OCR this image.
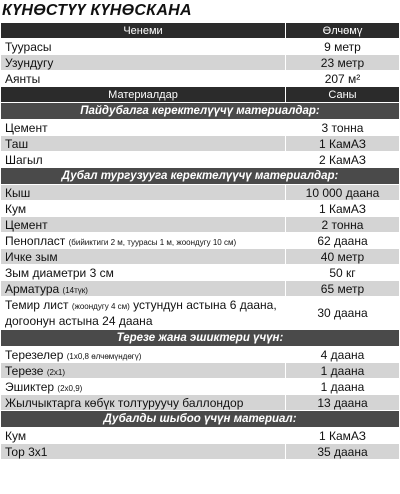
КҮНӨСТҮҮ КҮНӨСКАНА
Ченеми	Өлчөмү
Туурасы	9 метр
Узундугу	23 метр
Аянты	207 м²
Материалдар	Саны
Пайдубалга керектелүүчү материалдар:	
Цемент	3 тонна
Таш	1 КамАЗ
Шагыл	2 КамАЗ
Дубал тургузууга керектелүүчү материалдар:	
Кыш	10 000 даана
Кум	1 КамАЗ
Цемент	2 тонна
Пенопласт (бийиктиги 2 м, туурасы 1 м, жоондугу 10 см)	62 даана
Ичке зым	40 метр
Зым диаметри 3 см	50 кг
Арматура (14түк)	65 метр
Темир лист (жоондугу 4 см) устундун астына 6 даана, догоонун астына 24 даана	30 даана
Терезе жана эшиктери үчүн:	
Терезелер (1х0,8 өлчөмүндөгү)	4 даана
Терезе (2х1)	1 даана
Эшиктер (2х0,9)	1 даана
Жылчыктарга көбүк толтуруучу баллондор	13 даана
Дубалды шыбоо үчүн материал:	
Кум	1 КамАЗ
Тор 3х1	35 даана
